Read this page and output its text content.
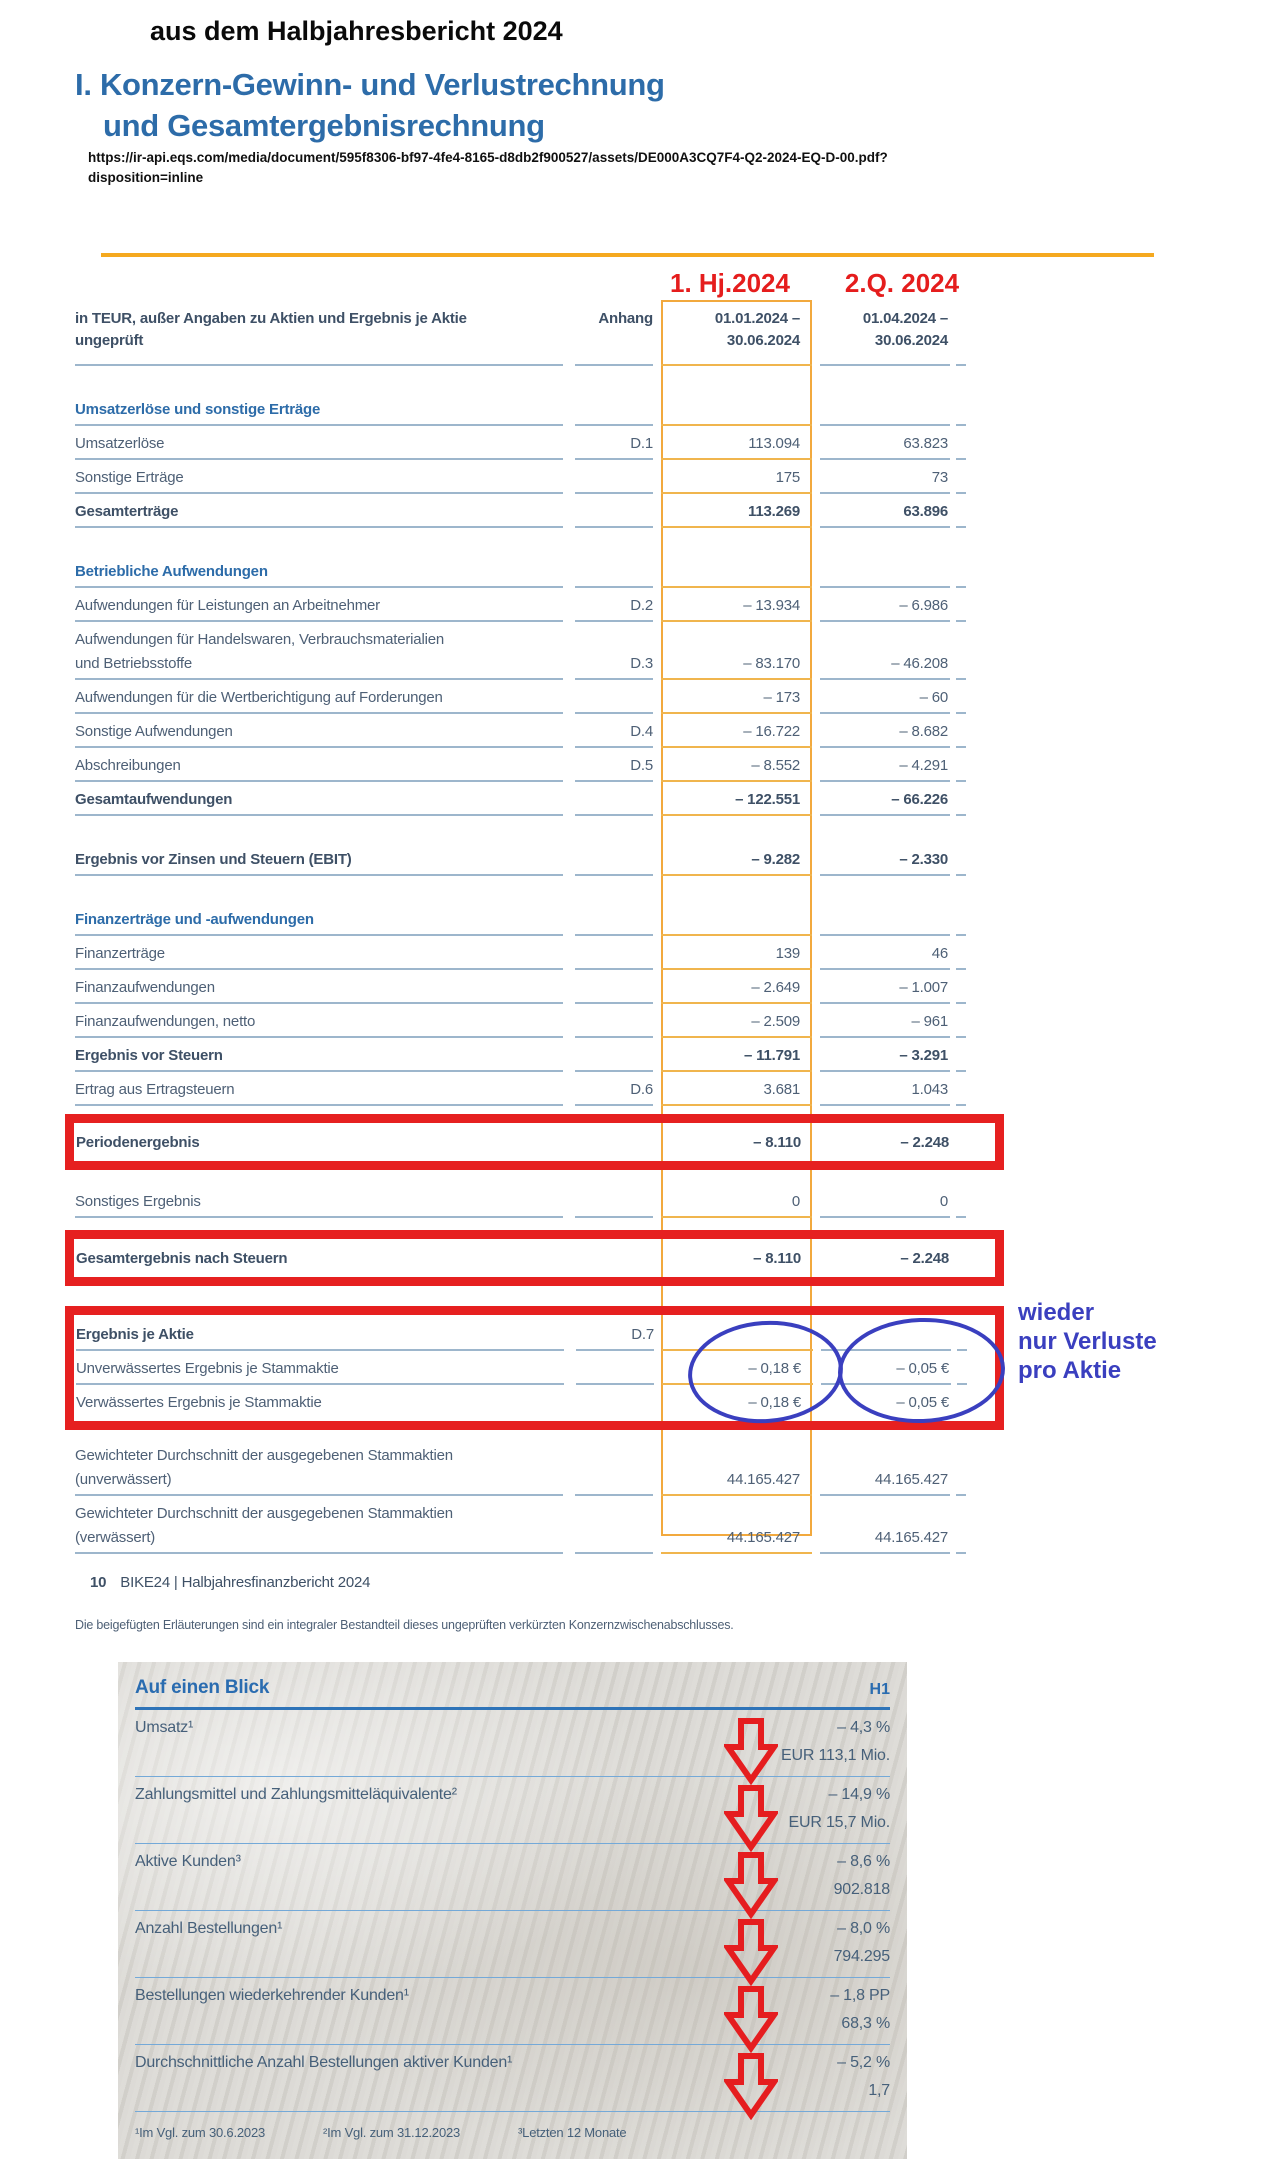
aus dem Halbjahresbericht 2024
I. Konzern-Gewinn- und Verlustrechnung
und Gesamtergebnisrechnung
https://ir-api.eqs.com/media/document/595f8306-bf97-4fe4-8165-d8db2f900527/assets/DE000A3CQ7F4-Q2-2024-EQ-D-00.pdf?
disposition=inline
1. Hj.2024	2.Q. 2024
in TEUR, außer Angaben zu Aktien und Ergebnis je Aktie
ungeprüft
Anhang
	01.01.2024 –
30.06.2024
01.04.2024 –
30.06.2024
Umsatzerlöse und sonstige Erträge
Umsatzerlöse	D.1	113.094	63.823
Sonstige Erträge	175	73
Gesamterträge	113.269	63.896
Betriebliche Aufwendungen
Aufwendungen für Leistungen an Arbeitnehmer	D.2	– 13.934	– 6.986
Aufwendungen für Handelswaren, Verbrauchsmaterialien
und Betriebsstoffe	D.3	– 83.170	– 46.208
Aufwendungen für die Wertberichtigung auf Forderungen	– 173	– 60
Sonstige Aufwendungen	D.4	– 16.722	– 8.682
Abschreibungen	D.5	– 8.552	– 4.291
Gesamtaufwendungen	– 122.551	– 66.226
Ergebnis vor Zinsen und Steuern (EBIT)	– 9.282	– 2.330
Finanzerträge und -aufwendungen
Finanzerträge	139	46
Finanzaufwendungen	– 2.649	– 1.007
Finanzaufwendungen, netto	– 2.509	– 961
Ergebnis vor Steuern	– 11.791	– 3.291
Ertrag aus Ertragsteuern	D.6	3.681	1.043
Periodenergebnis	– 8.110	– 2.248
Sonstiges Ergebnis	0	0
Gesamtergebnis nach Steuern	– 8.110	– 2.248
Ergebnis je Aktie	D.7
Unverwässertes Ergebnis je Stammaktie	– 0,18 €	– 0,05 €
Verwässertes Ergebnis je Stammaktie	– 0,18 €	– 0,05 €
Gewichteter Durchschnitt der ausgegebenen Stammaktien
(unverwässert)	44.165.427	44.165.427
Gewichteter Durchschnitt der ausgegebenen Stammaktien
(verwässert)	44.165.427	44.165.427
wieder
nur Verluste
pro Aktie
10 BIKE24 | Halbjahresfinanzbericht 2024
Die beigefügten Erläuterungen sind ein integraler Bestandteil dieses ungeprüften verkürzten Konzernzwischenabschlusses.
Auf einen Blick	H1
Umsatz¹	– 4,3 %
EUR 113,1 Mio.
Zahlungsmittel und Zahlungsmitteläquivalente²	– 14,9 %
EUR 15,7 Mio.
Aktive Kunden³	– 8,6 %
902.818
Anzahl Bestellungen¹	– 8,0 %
794.295
Bestellungen wiederkehrender Kunden¹	– 1,8 PP
68,3 %
Durchschnittliche Anzahl Bestellungen aktiver Kunden¹	– 5,2 %
1,7
¹Im Vgl. zum 30.6.2023	²Im Vgl. zum 31.12.2023	³Letzten 12 Monate
